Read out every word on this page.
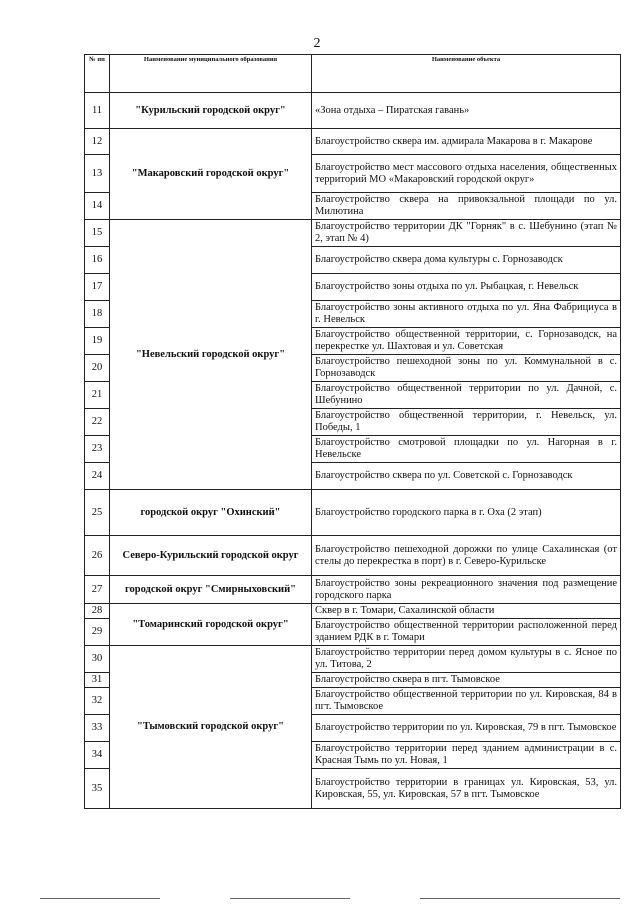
2
№ пп	Наименование муниципального образования	Наименование объекта
11	"Курильский городской округ"	«Зона отдыха – Пиратская гавань»
12	"Макаровский городской округ"	Благоустройство сквера им. адмирала Макарова в г. Макарове
13		Благоустройство мест массового отдыха населения, общественных территорий МО «Макаровский городской округ»
14		Благоустройство сквера на привокзальной площади по ул. Милютина
15	"Невельский городской округ"	Благоустройство территории ДК "Горняк" в с. Шебунино (этап № 2, этап № 4)
16		Благоустройство сквера дома культуры с. Горнозаводск
17		Благоустройство зоны отдыха по ул. Рыбацкая, г. Невельск
18		Благоустройство зоны активного отдыха по ул. Яна Фабрициуса в г. Невельск
19		Благоустройство общественной территории, с. Горнозаводск, на перекрестке ул. Шахтовая и ул. Советская
20		Благоустройство пешеходной зоны по ул. Коммунальной в с. Горнозаводск
21		Благоустройство общественной территории по ул. Дачной, с. Шебунино
22		Благоустройство общественной территории, г. Невельск, ул. Победы, 1
23		Благоустройство смотровой площадки по ул. Нагорная в г. Невельске
24		Благоустройство сквера по ул. Советской с. Горнозаводск
25	городской округ "Охинский"	Благоустройство городского парка в г. Оха (2 этап)
26	Северо-Курильский городской округ	Благоустройство пешеходной дорожки по улице Сахалинская (от стелы до перекрестка в порт) в г. Северо-Курильске
27	городской округ "Смирныховский"	Благоустройство зоны рекреационного значения под размещение городского парка
28	"Томаринский городской округ"	Сквер в г. Томари, Сахалинской области
29		Благоустройство общественной территории расположенной перед зданием РДК в г. Томари
30	"Тымовский городской округ"	Благоустройство территории перед домом культуры в с. Ясное по ул. Титова, 2
31		Благоустройство сквера в пгт. Тымовское
32		Благоустройство общественной территории по ул. Кировская, 84 в пгт. Тымовское
33		Благоустройство территории по ул. Кировская, 79 в пгт. Тымовское
34		Благоустройство территории перед зданием администрации в с. Красная Тымь по ул. Новая, 1
35		Благоустройство территории в границах ул. Кировская, 53, ул. Кировская, 55, ул. Кировская, 57 в пгт. Тымовское
